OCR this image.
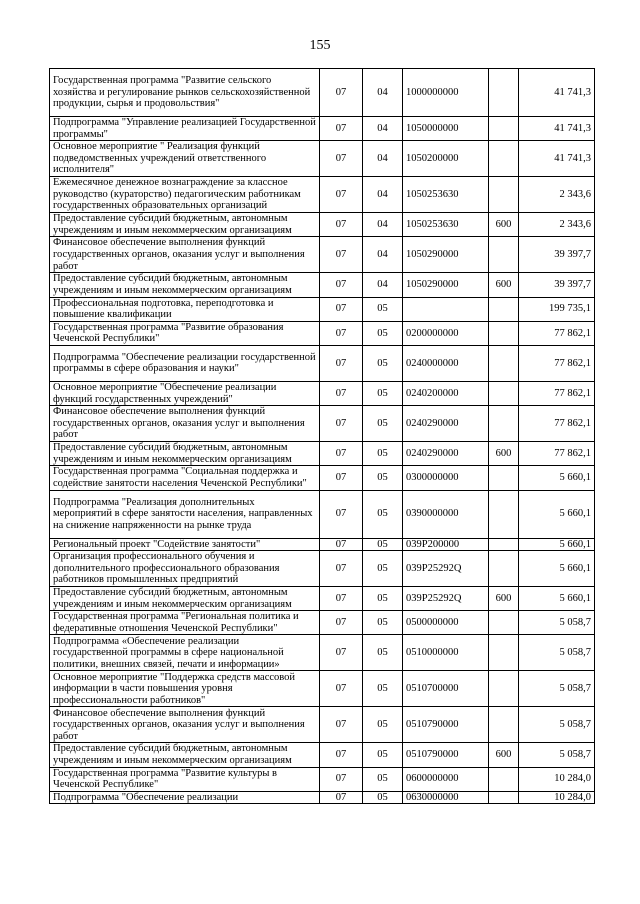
155
Государственная программа "Развитие сельского хозяйства и регулирование рынков сельскохозяйственной продукции, сырья и продовольствия"	07	04	1000000000		41 741,3
Подпрограмма "Управление реализацией Государственной программы"	07	04	1050000000		41 741,3
Основное мероприятие " Реализация функций подведомственных учреждений ответственного исполнителя"	07	04	1050200000		41 741,3
Ежемесячное денежное вознаграждение за классное руководство (кураторство) педагогическим работникам государственных образовательных организаций	07	04	1050253630		2 343,6
Предоставление субсидий бюджетным, автономным учреждениям и иным некоммерческим организациям	07	04	1050253630	600	2 343,6
Финансовое обеспечение выполнения функций государственных органов, оказания услуг и выполнения работ	07	04	1050290000		39 397,7
Предоставление субсидий бюджетным, автономным учреждениям и иным некоммерческим организациям	07	04	1050290000	600	39 397,7
Профессиональная подготовка, переподготовка и повышение квалификации	07	05			199 735,1
Государственная программа "Развитие образования Чеченской Республики"	07	05	0200000000		77 862,1
Подпрограмма "Обеспечение реализации государственной программы в сфере образования и науки"	07	05	0240000000		77 862,1
Основное мероприятие "Обеспечение реализации функций государственных учреждений"	07	05	0240200000		77 862,1
Финансовое обеспечение выполнения функций государственных органов, оказания услуг и выполнения работ	07	05	0240290000		77 862,1
Предоставление субсидий бюджетным, автономным учреждениям и иным некоммерческим организациям	07	05	0240290000	600	77 862,1
Государственная программа "Социальная поддержка и содействие занятости населения Чеченской Республики"	07	05	0300000000		5 660,1
Подпрограмма "Реализация дополнительных мероприятий в сфере занятости населения, направленных на снижение напряженности на рынке труда	07	05	0390000000		5 660,1
Региональный проект "Содействие занятости"	07	05	039P200000		5 660,1
Организация профессионального обучения и дополнительного профессионального образования работников промышленных предприятий	07	05	039P25292Q		5 660,1
Предоставление субсидий бюджетным, автономным учреждениям и иным некоммерческим организациям	07	05	039P25292Q	600	5 660,1
Государственная программа "Региональная политика и федеративные отношения Чеченской Республики"	07	05	0500000000		5 058,7
Подпрограмма «Обеспечение реализации государственной программы в сфере национальной политики, внешних связей, печати и информации»	07	05	0510000000		5 058,7
Основное мероприятие "Поддержка средств массовой информации в части повышения уровня профессиональности работников"	07	05	0510700000		5 058,7
Финансовое обеспечение выполнения функций государственных органов, оказания услуг и выполнения работ	07	05	0510790000		5 058,7
Предоставление субсидий бюджетным, автономным учреждениям и иным некоммерческим организациям	07	05	0510790000	600	5 058,7
Государственная программа "Развитие культуры в Чеченской Республике"	07	05	0600000000		10 284,0
Подпрограмма "Обеспечение реализации	07	05	0630000000		10 284,0
